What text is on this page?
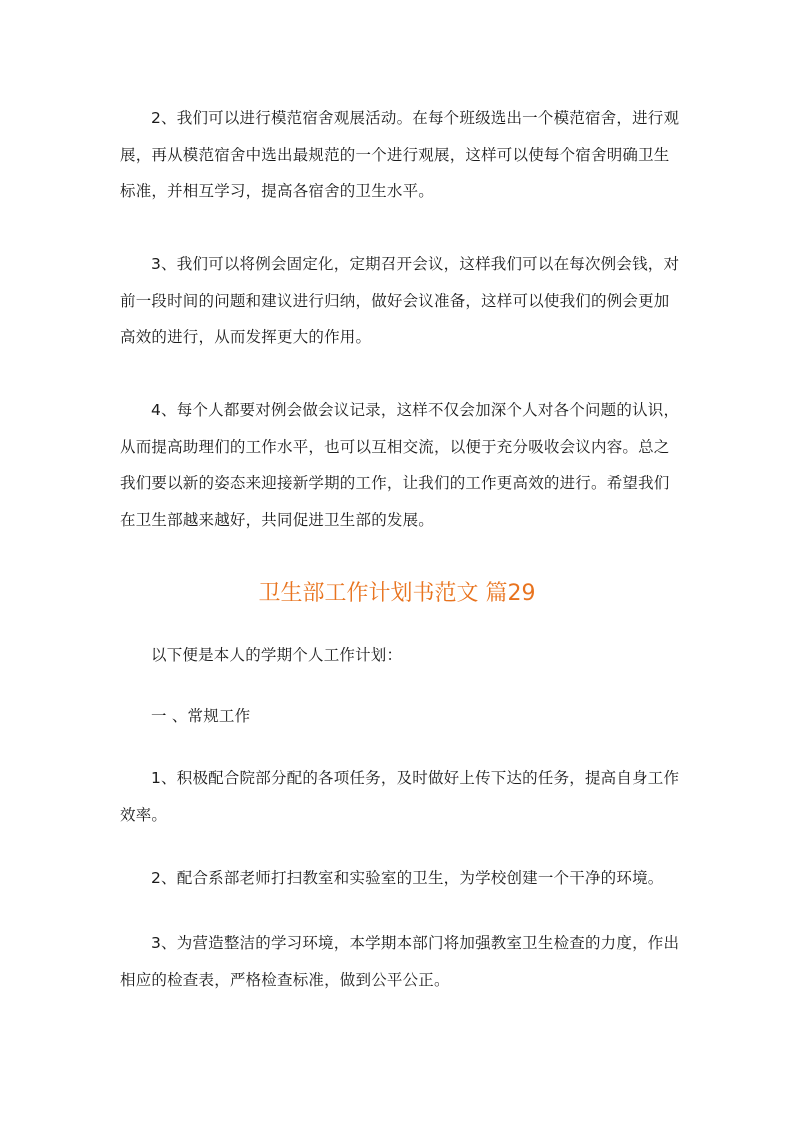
2、我们可以进行模范宿舍观展活动。在每个班级选出一个模范宿舍，进行观展，再从模范宿舍中选出最规范的一个进行观展，这样可以使每个宿舍明确卫生标准，并相互学习，提高各宿舍的卫生水平。

3、我们可以将例会固定化，定期召开会议，这样我们可以在每次例会钱，对前一段时间的问题和建议进行归纳，做好会议准备，这样可以使我们的例会更加高效的进行，从而发挥更大的作用。

4、每个人都要对例会做会议记录，这样不仅会加深个人对各个问题的认识，从而提高助理们的工作水平，也可以互相交流，以便于充分吸收会议内容。总之我们要以新的姿态来迎接新学期的工作，让我们的工作更高效的进行。希望我们在卫生部越来越好，共同促进卫生部的发展。

卫生部工作计划书范文 篇29

以下便是本人的学期个人工作计划：

一 、常规工作

1、积极配合院部分配的各项任务，及时做好上传下达的任务，提高自身工作效率。

2、配合系部老师打扫教室和实验室的卫生，为学校创建一个干净的环境。

3、为营造整洁的学习环境，本学期本部门将加强教室卫生检查的力度，作出相应的检查表，严格检查标准，做到公平公正。
